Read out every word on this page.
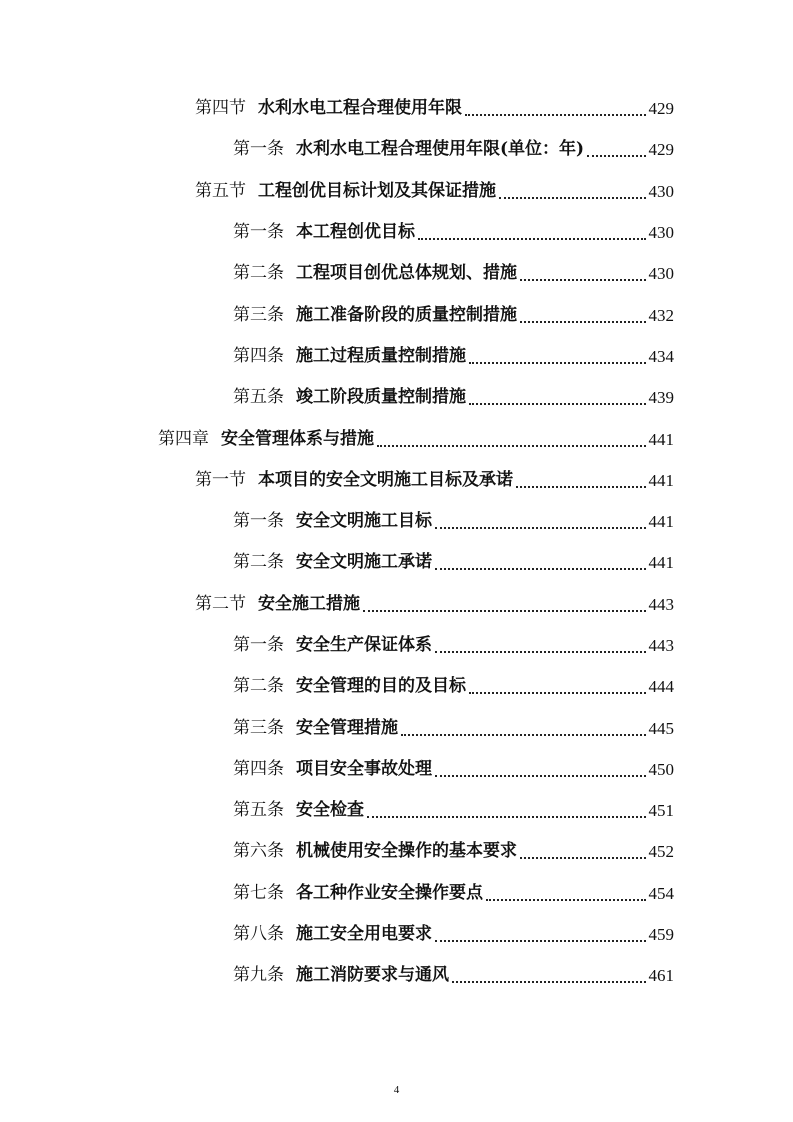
第四节 水利水电工程合理使用年限	429
第一条 水利水电工程合理使用年限(单位：年)	429
第五节 工程创优目标计划及其保证措施	430
第一条 本工程创优目标	430
第二条 工程项目创优总体规划、措施	430
第三条 施工准备阶段的质量控制措施	432
第四条 施工过程质量控制措施	434
第五条 竣工阶段质量控制措施	439
第四章 安全管理体系与措施	441
第一节 本项目的安全文明施工目标及承诺	441
第一条 安全文明施工目标	441
第二条 安全文明施工承诺	441
第二节 安全施工措施	443
第一条 安全生产保证体系	443
第二条 安全管理的目的及目标	444
第三条 安全管理措施	445
第四条 项目安全事故处理	450
第五条 安全检查	451
第六条 机械使用安全操作的基本要求	452
第七条 各工种作业安全操作要点	454
第八条 施工安全用电要求	459
第九条 施工消防要求与通风	461
4
